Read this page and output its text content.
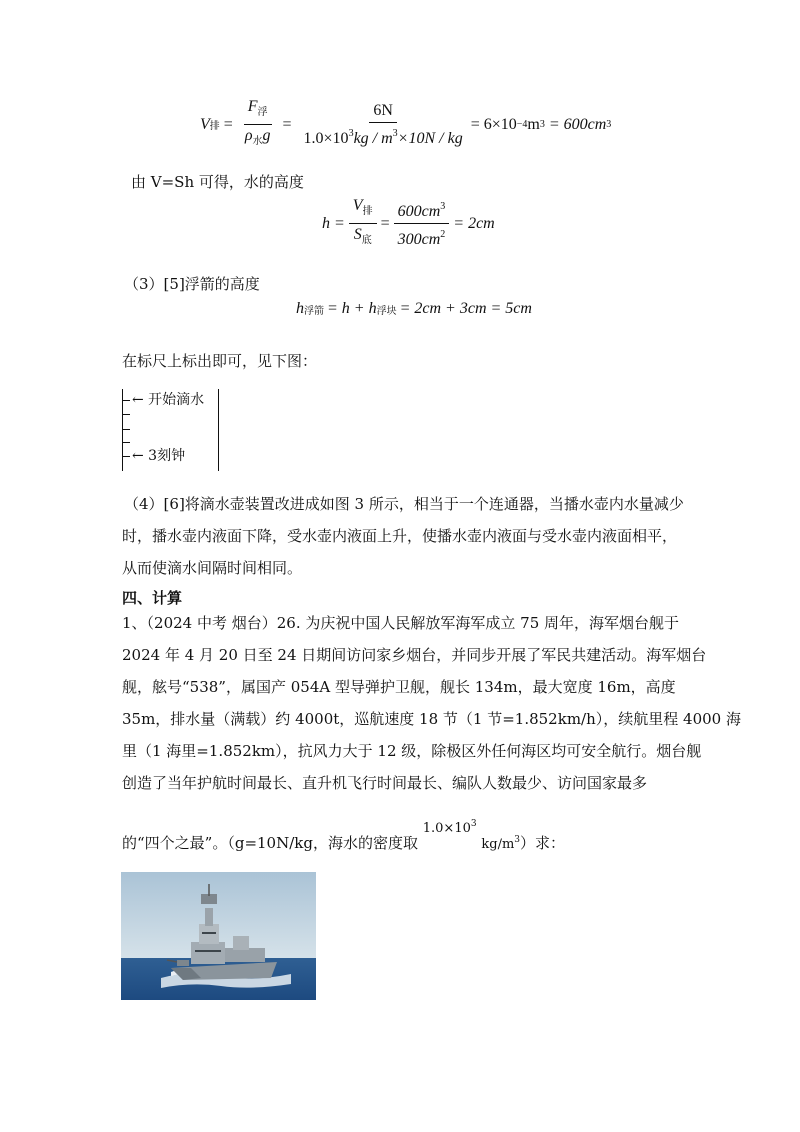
V 排 = $\frac{F_浮}{\rho_水g} = \frac{6N}{1.0\times 10^3kg / m^3\times 10N / kg} = 6\times 10 -4$ m 3 = 600cm 3
由 V=Sh 可得，水的高度
$h = \frac{V_排}{S_底} = \frac{600cm^3}{300cm^2} = 2cm$
（3）[5]浮箭的高度
h 浮箭 = h + h 浮块 = 2cm + 3cm = 5cm
在标尺上标出即可，见下图：
← 开始滴水
← 3刻钟
（4）[6]将滴水壶装置改进成如图 3 所示，相当于一个连通器，当播水壶内水量减少
时，播水壶内液面下降，受水壶内液面上升，使播水壶内液面与受水壶内液面相平，
从而使滴水间隔时间相同。
四、计算
1、（2024 中考 烟台）26. 为庆祝中国人民解放军海军成立 75 周年，海军烟台舰于
2024 年 4 月 20 日至 24 日期间访问家乡烟台，并同步开展了军民共建活动。海军烟台
舰，舷号“538”，属国产 054A 型导弹护卫舰，舰长 134m，最大宽度 16m，高度
35m，排水量（满载）约 4000t，巡航速度 18 节（1 节=1.852km/h），续航里程 4000 海
里（1 海里=1.852km），抗风力大于 12 级，除极区外任何海区均可安全航行。烟台舰
创造了当年护航时间最长、直升机飞行时间最长、编队人数最少、访问国家最多
的“四个之最”。（g=10N/kg，海水的密度取 $1.0\times 10^3$ $kg/m^3$）求：
